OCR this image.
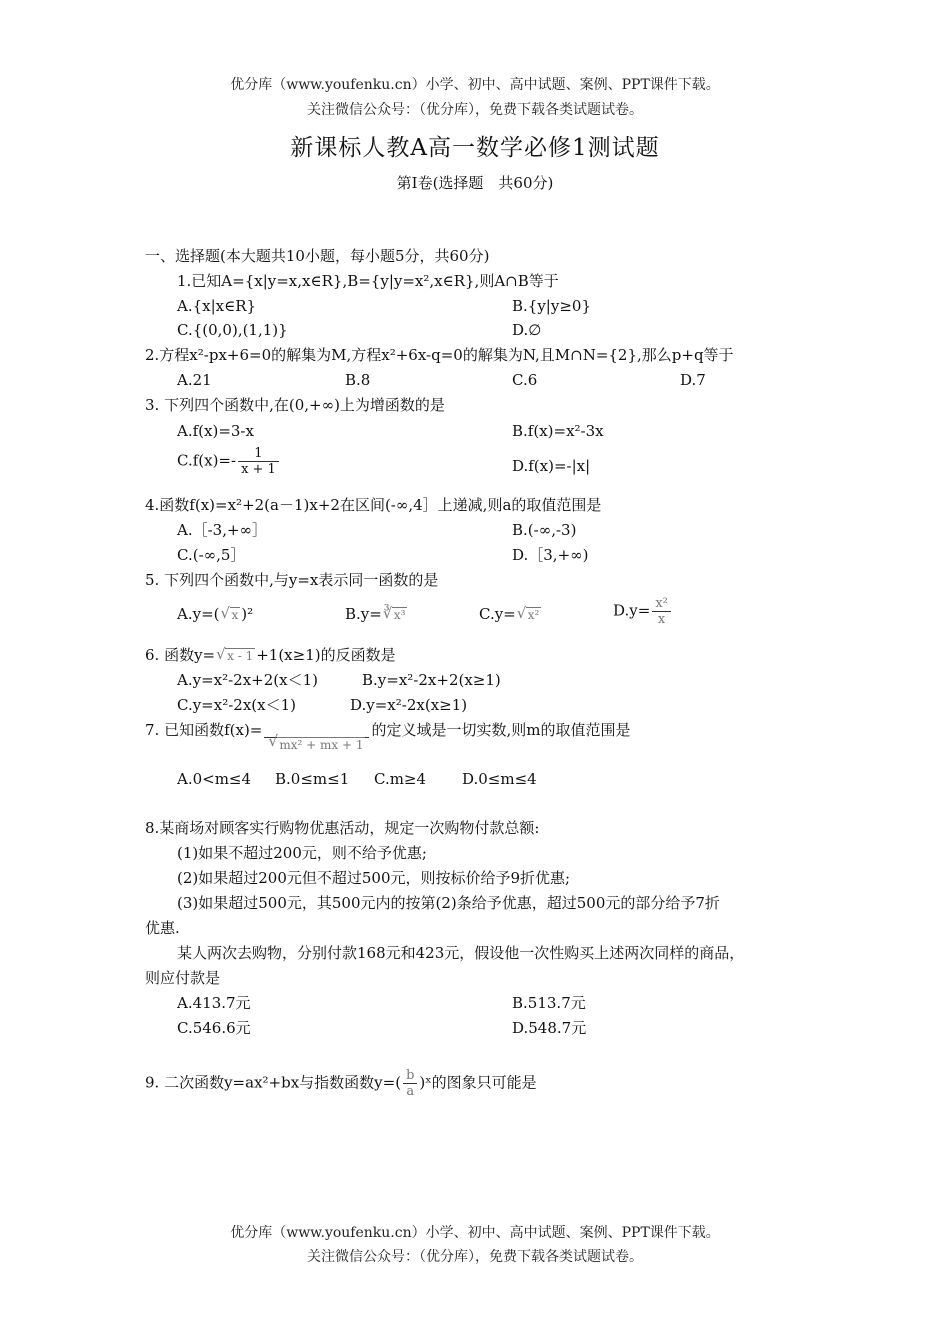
优分库（www.youfenku.cn）小学、初中、高中试题、案例、PPT课件下载。
关注微信公众号：（优分库），免费下载各类试题试卷。
新课标人教A高一数学必修1测试题
第Ⅰ卷(选择题　共60分)
一、选择题(本大题共10小题，每小题5分，共60分)
1.已知A={x|y=x,x∈R},B={y|y=x²,x∈R},则A∩B等于
A.{x|x∈R}	B.{y|y≥0}
C.{(0,0),(1,1)}	D.∅
2.方程x²-px+6=0的解集为M,方程x²+6x-q=0的解集为N,且M∩N={2},那么p+q等于
A.21	B.8	C.6	D.7
3. 下列四个函数中,在(0,+∞)上为增函数的是
A.f(x)=3-x	B.f(x)=x²-3x
$C.f(x)=- \frac{1}{x + 1}$	D.f(x)=-|x|
4.函数f(x)=x²+2(a－1)x+2在区间(-∞,4］上递减,则a的取值范围是
A.［-3,+∞］	B.(-∞,-3)
C.(-∞,5］	D.［3,+∞)
5. 下列四个函数中,与y=x表示同一函数的是
A.y=( √ x )²	B.y= ∛ x³	C.y= √ x²	$D.y= \frac{\text{x²}}{x}$
6. 函数y= √ x - 1 +1(x≥1)的反函数是
A.y=x²-2x+2(x＜1)	B.y=x²-2x+2(x≥1)
C.y=x²-2x(x＜1)	D.y=x²-2x(x≥1)
7. 已知函数f(x)=
√ mx² + mx + 1
的定义域是一切实数,则m的取值范围是
A.0<m≤4 B.0≤m≤1 C.m≥4 D.0≤m≤4
8.某商场对顾客实行购物优惠活动，规定一次购物付款总额:
(1)如果不超过200元，则不给予优惠;
(2)如果超过200元但不超过500元，则按标价给予9折优惠;
(3)如果超过500元，其500元内的按第(2)条给予优惠，超过500元的部分给予7折
优惠.
某人两次去购物，分别付款168元和423元，假设他一次性购买上述两次同样的商品，
则应付款是
A.413.7元	B.513.7元
C.546.6元	D.548.7元
9. 二次函数y=ax²+bx与指数函数$y=( \frac{b}{a}$ )ˣ的图象只可能是
优分库（www.youfenku.cn）小学、初中、高中试题、案例、PPT课件下载。
关注微信公众号：（优分库），免费下载各类试题试卷。
